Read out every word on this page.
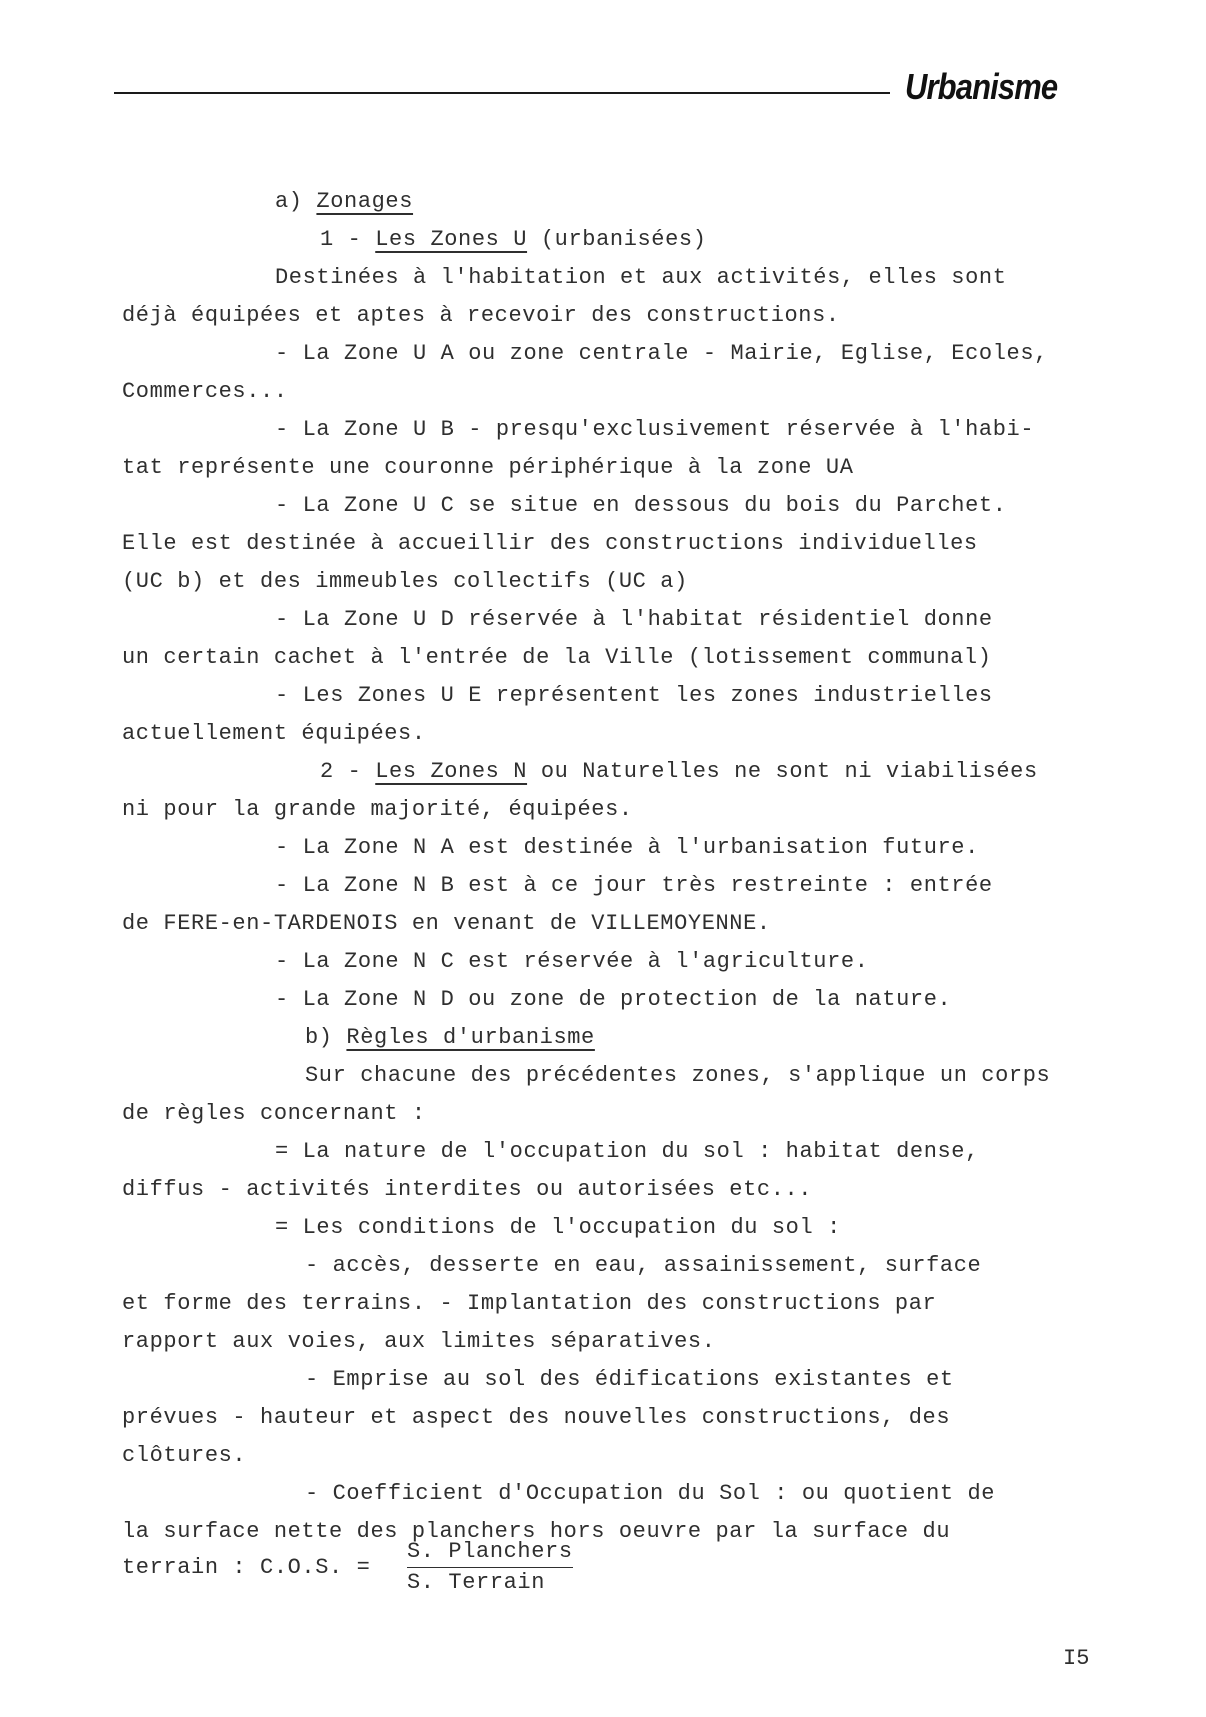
Urbanisme
a) Zonages
1 - Les Zones U (urbanisées)
Destinées à l'habitation et aux activités, elles sont
déjà équipées et aptes à recevoir des constructions.
- La Zone U A ou zone centrale - Mairie, Eglise, Ecoles,
Commerces...
- La Zone U B - presqu'exclusivement réservée à l'habi-
tat représente une couronne périphérique à la zone UA
- La Zone U C se situe en dessous du bois du Parchet.
Elle est destinée à accueillir des constructions individuelles
(UC b) et des immeubles collectifs (UC a)
- La Zone U D réservée à l'habitat résidentiel donne
un certain cachet à l'entrée de la Ville (lotissement communal)
- Les Zones U E représentent les zones industrielles
actuellement équipées.
2 - Les Zones N ou Naturelles ne sont ni viabilisées
ni pour la grande majorité, équipées.
- La Zone N A est destinée à l'urbanisation future.
- La Zone N B est à ce jour très restreinte : entrée
de FERE-en-TARDENOIS en venant de VILLEMOYENNE.
- La Zone N C est réservée à l'agriculture.
- La Zone N D ou zone de protection de la nature.
b) Règles d'urbanisme
Sur chacune des précédentes zones, s'applique un corps
de règles concernant :
= La nature de l'occupation du sol : habitat dense,
diffus - activités interdites ou autorisées etc...
= Les conditions de l'occupation du sol :
- accès, desserte en eau, assainissement, surface
et forme des terrains. - Implantation des constructions par
rapport aux voies, aux limites séparatives.
- Emprise au sol des édifications existantes et
prévues - hauteur et aspect des nouvelles constructions, des
clôtures.
- Coefficient d'Occupation du Sol : ou quotient de
la surface nette des planchers hors oeuvre par la surface du
terrain : C.O.S. =
S. Planchers
S. Terrain
I5
